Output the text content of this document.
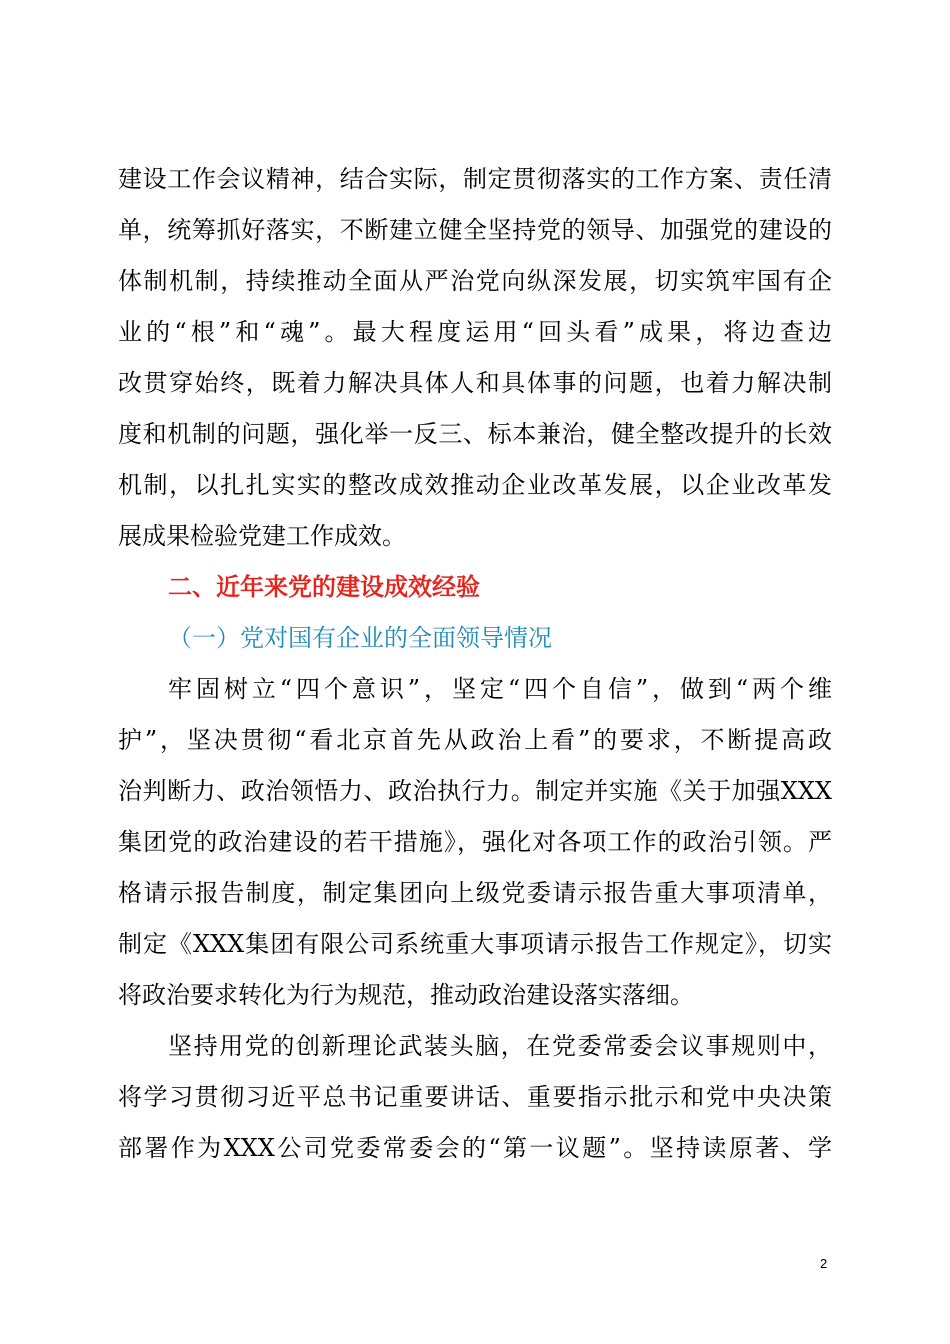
建设工作会议精神，结合实际，制定贯彻落实的工作方案、责任清
单，统筹抓好落实，不断建立健全坚持党的领导、加强党的建设的
体制机制，持续推动全面从严治党向纵深发展，切实筑牢国有企
业的“根”和“魂”。最大程度运用“回头看”成果，将边查边
改贯穿始终，既着力解决具体人和具体事的问题，也着力解决制
度和机制的问题，强化举一反三、标本兼治，健全整改提升的长效
机制，以扎扎实实的整改成效推动企业改革发展，以企业改革发
展成果检验党建工作成效。
二、近年来党的建设成效经验
（一）党对国有企业的全面领导情况
牢固树立“四个意识”，坚定“四个自信”，做到“两个维
护”，坚决贯彻“看北京首先从政治上看”的要求，不断提高政
治判断力、政治领悟力、政治执行力。制定并实施《关于加强XXX
集团党的政治建设的若干措施》，强化对各项工作的政治引领。严
格请示报告制度，制定集团向上级党委请示报告重大事项清单，
制定《XXX集团有限公司系统重大事项请示报告工作规定》，切实
将政治要求转化为行为规范，推动政治建设落实落细。
坚持用党的创新理论武装头脑，在党委常委会议事规则中，
将学习贯彻习近平总书记重要讲话、重要指示批示和党中央决策
部署作为XXX公司党委常委会的“第一议题”。坚持读原著、学
2
